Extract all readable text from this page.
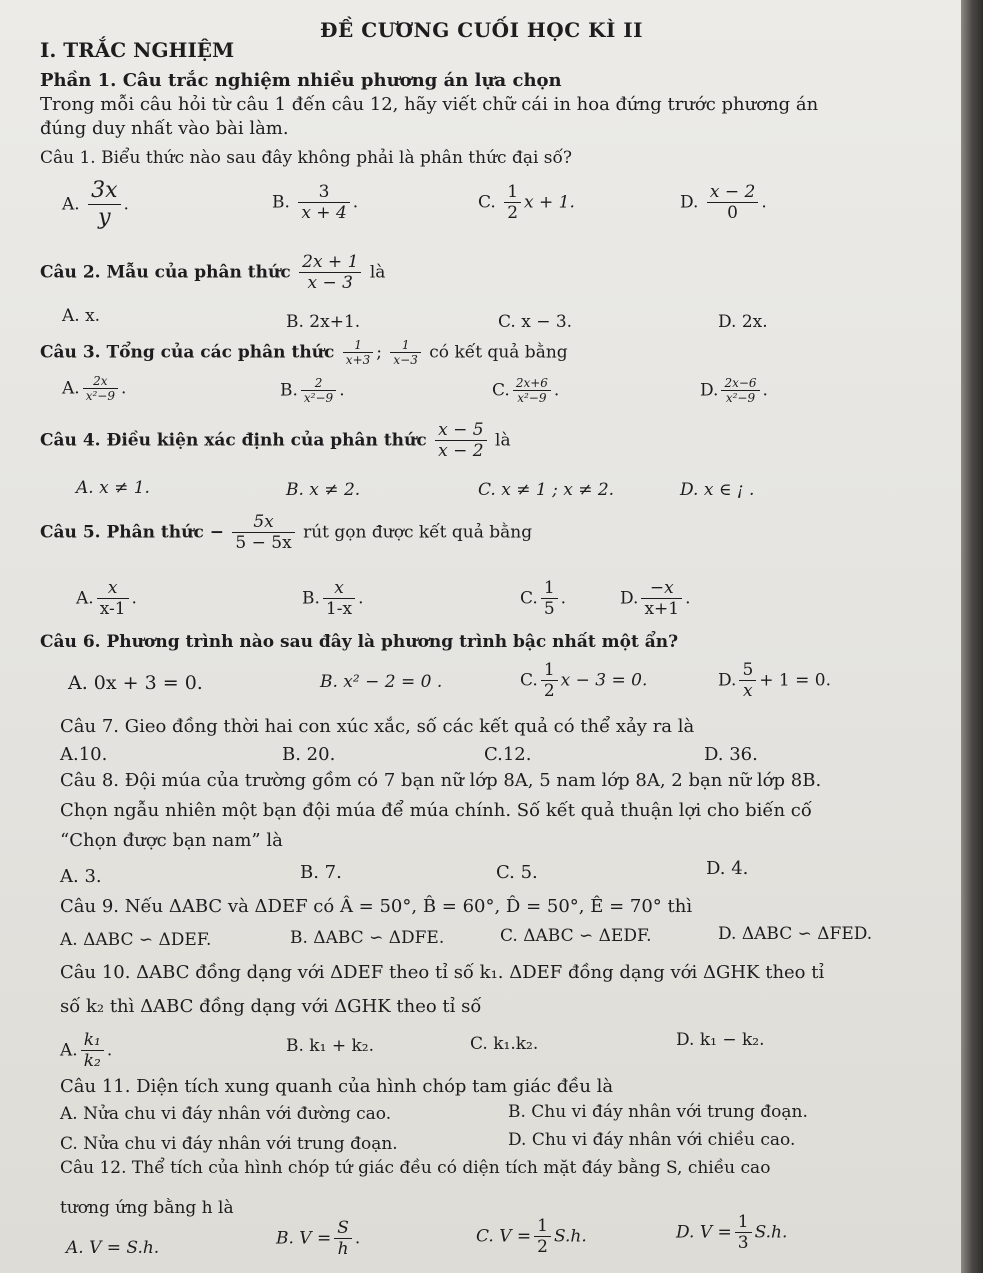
ĐỀ CƯƠNG CUỐI HỌC KÌ II
I. TRẮC NGHIỆM
Phần 1. Câu trắc nghiệm nhiều phương án lựa chọn
Trong mỗi câu hỏi từ câu 1 đến câu 12, hãy viết chữ cái in hoa đứng trước phương án
đúng duy nhất vào bài làm.
Câu 1. Biểu thức nào sau đây không phải là phân thức đại số?
A. $\frac{3x}{y}$ .	B. $\frac{3}{x + 4}$ .	C. $\frac{1}{2}$ x + 1.	D. $\frac{x - 2}{0}$ .
Câu 2. Mẫu của phân thức $\frac{2x + 1}{x - 3}$ là
A. x.	B. 2x+1.	C. x − 3.	D. 2x.
Câu 3. Tổng của các phân thức $\frac{1}{x+3}$ ; $\frac{1}{x-3}$ có kết quả bằng
A. $\frac{2x}{\text{x²−9}}$ .	B. $\frac{2}{\text{x²−9}}$ .	C. $\frac{2x+6}{\text{x²−9}}$ .	D. $\frac{2x-6}{\text{x²−9}}$ .
Câu 4. Điều kiện xác định của phân thức $\frac{x - 5}{x - 2}$ là
A. x ≠ 1.	B. x ≠ 2.	C. x ≠ 1 ; x ≠ 2.	D. x ∈ ¡ .
Câu 5. Phân thức − $\frac{5x}{5 - 5x}$ rút gọn được kết quả bằng
A. $\frac{x}{x-1}$ .	B. $\frac{x}{1-x}$ .	C. $\frac{1}{5}$ .	D. $\frac{-x}{x+1}$ .
Câu 6. Phương trình nào sau đây là phương trình bậc nhất một ẩn?
A. 0x + 3 = 0.	B. x² − 2 = 0 .	C. $\frac{1}{2}$ x − 3 = 0.	D. $\frac{5}{x} + 1 = 0$.
Câu 7. Gieo đồng thời hai con xúc xắc, số các kết quả có thể xảy ra là
A.10.	B. 20.	C.12.	D. 36.
Câu 8. Đội múa của trường gồm có 7 bạn nữ lớp 8A, 5 nam lớp 8A, 2 bạn nữ lớp 8B.
Chọn ngẫu nhiên một bạn đội múa để múa chính. Số kết quả thuận lợi cho biến cố
“Chọn được bạn nam” là
A. 3.	B. 7.	C. 5.	D. 4.
Câu 9. Nếu ΔABC và ΔDEF có Â = 50°, B̂ = 60°, D̂ = 50°, Ê = 70° thì
A. ΔABC ∽ ΔDEF.	B. ΔABC ∽ ΔDFE.	C. ΔABC ∽ ΔEDF.	D. ΔABC ∽ ΔFED.
Câu 10. ΔABC đồng dạng với ΔDEF theo tỉ số k₁. ΔDEF đồng dạng với ΔGHK theo tỉ
số k₂ thì ΔABC đồng dạng với ΔGHK theo tỉ số
A. $\frac{\text{k₁}}{\text{k₂}}$ .	B. k₁ + k₂.	C. k₁.k₂.	D. k₁ − k₂.
Câu 11. Diện tích xung quanh của hình chóp tam giác đều là
A. Nửa chu vi đáy nhân với đường cao.	B. Chu vi đáy nhân với trung đoạn.
C. Nửa chu vi đáy nhân với trung đoạn.	D. Chu vi đáy nhân với chiều cao.
Câu 12. Thể tích của hình chóp tứ giác đều có diện tích mặt đáy bằng S, chiều cao
tương ứng bằng h là
A. V = S.h.	B. $V = \frac{S}{h}$ .	C. $V = \frac{1}{2} S.h$.	D. $V = \frac{1}{3} S.h$.
